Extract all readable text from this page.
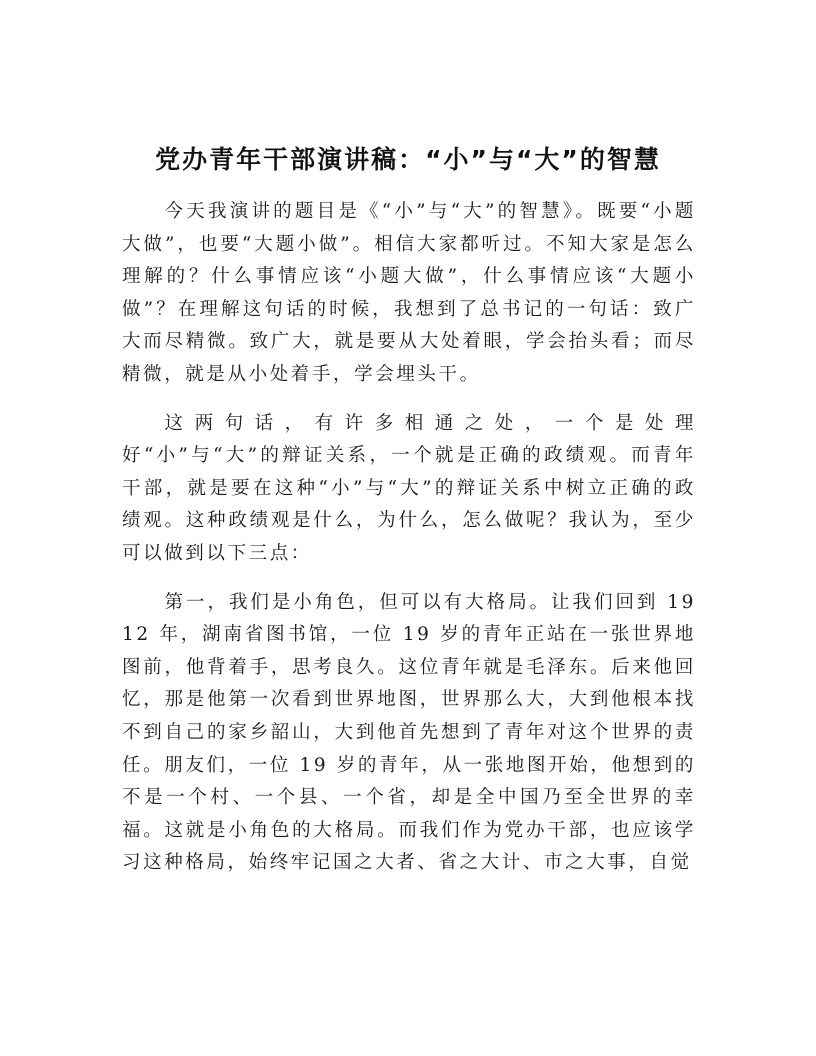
党办青年干部演讲稿：“小”与“大”的智慧

今天我演讲的题目是《“小”与“大”的智慧》。既要“小题大做”，也要“大题小做”。相信大家都听过。不知大家是怎么理解的？什么事情应该“小题大做”，什么事情应该“大题小做”？在理解这句话的时候，我想到了总书记的一句话：致广大而尽精微。致广大，就是要从大处着眼，学会抬头看；而尽精微，就是从小处着手，学会埋头干。

这两句话，有许多相通之处，一个是处理好“小”与“大”的辩证关系，一个就是正确的政绩观。而青年干部，就是要在这种“小”与“大”的辩证关系中树立正确的政绩观。这种政绩观是什么，为什么，怎么做呢？我认为，至少可以做到以下三点：

第一，我们是小角色，但可以有大格局。让我们回到 1912 年，湖南省图书馆，一位 19 岁的青年正站在一张世界地图前，他背着手，思考良久。这位青年就是毛泽东。后来他回忆，那是他第一次看到世界地图，世界那么大，大到他根本找不到自己的家乡韶山，大到他首先想到了青年对这个世界的责任。朋友们，一位 19 岁的青年，从一张地图开始，他想到的不是一个村、一个县、一个省，却是全中国乃至全世界的幸福。这就是小角色的大格局。而我们作为党办干部，也应该学习这种格局，始终牢记国之大者、省之大计、市之大事，自觉
